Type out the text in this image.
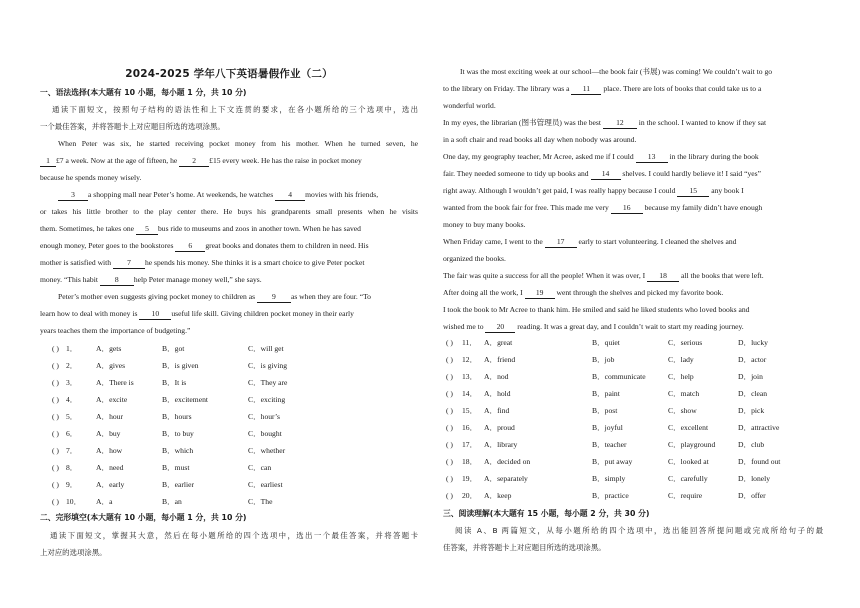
2024-2025 学年八下英语暑假作业（二）
一、语法选择(本大题有 10 小题，每小题 1 分，共 10 分)
通读下面短文，按照句子结构的语法性和上下文连贯的要求，在各小题所给的三个选项中，选出
一个最佳答案，并将答题卡上对应题目所选的选项涂黑。
When Peter was six, he started receiving pocket money from his mother. When he turned seven, he
1 £7 a week. Now at the age of fifteen, he 2 £15 every week. He has the raise in pocket money
because he spends money wisely.
3 a shopping mall near Peter’s home. At weekends, he watches 4 movies with his friends,
or takes his little brother to the play center there. He buys his grandparents small presents when he visits
them. Sometimes, he takes one 5 bus ride to museums and zoos in another town. When he has saved
enough money, Peter goes to the bookstores 6 great books and donates them to children in need. His
mother is satisfied with 7 he spends his money. She thinks it is a smart choice to give Peter pocket
money. “This habit 8 help Peter manage money well,” she says.
Peter’s mother even suggests giving pocket money to children as 9 as when they are four. “To
learn how to deal with money is 10 useful life skill. Giving children pocket money in their early
years teaches them the importance of budgeting.”
( ) 1． A．gets	B．got	C．will get
( ) 2． A．gives	B．is given	C．is giving
( ) 3． A．There is	B．It is	C．They are
( ) 4． A．excite	B．excitement	C．exciting
( ) 5． A．hour	B．hours	C．hour’s
( ) 6． A．buy	B．to buy	C．bought
( ) 7． A．how	B．which	C．whether
( ) 8． A．need	B．must	C．can
( ) 9． A．early	B．earlier	C．earliest
( ) 10． A．a	B．an	C．The
二、完形填空(本大题有 10 小题，每小题 1 分，共 10 分)
通读下面短文，掌握其大意，然后在每小题所给的四个选项中，选出一个最佳答案，并将答题卡
上对应的选项涂黑。
It was the most exciting week at our school—the book fair (书展) was coming! We couldn’t wait to go
to the library on Friday. The library was a 11 place. There are lots of books that could take us to a
wonderful world.
In my eyes, the librarian (图书管理员) was the best 12 in the school. I wanted to know if they sat
in a soft chair and read books all day when nobody was around.
One day, my geography teacher, Mr Acree, asked me if I could 13 in the library during the book
fair. They needed someone to tidy up books and 14 shelves. I could hardly believe it! I said “yes”
right away. Although I wouldn’t get paid, I was really happy because I could 15 any book I
wanted from the book fair for free. This made me very 16 because my family didn’t have enough
money to buy many books.
When Friday came, I went to the 17 early to start volunteering. I cleaned the shelves and
organized the books.
The fair was quite a success for all the people! When it was over, I 18 all the books that were left.
After doing all the work, I 19 went through the shelves and picked my favorite book.
I took the book to Mr Acree to thank him. He smiled and said he liked students who loved books and
wished me to 20 reading. It was a great day, and I couldn’t wait to start my reading journey.
( ) 11． A．great	B．quiet	C．serious	D．lucky
( ) 12． A．friend	B．job	C．lady	D．actor
( ) 13． A．nod	B．communicate	C．help	D．join
( ) 14． A．hold	B．paint	C．match	D．clean
( ) 15． A．find	B．post	C．show	D．pick
( ) 16． A．proud	B．joyful	C．excellent	D．attractive
( ) 17． A．library	B．teacher	C．playground	D．club
( ) 18． A．decided on	B．put away	C．looked at	D．found out
( ) 19． A．separately	B．simply	C．carefully	D．lonely
( ) 20． A．keep	B．practice	C．require	D．offer
三、阅读理解(本大题有 15 小题，每小题 2 分，共 30 分)
阅读 A、B 两篇短文，从每小题所给的四个选项中，选出能回答所提问题或完成所给句子的最
佳答案，并将答题卡上对应题目所选的选项涂黑。
